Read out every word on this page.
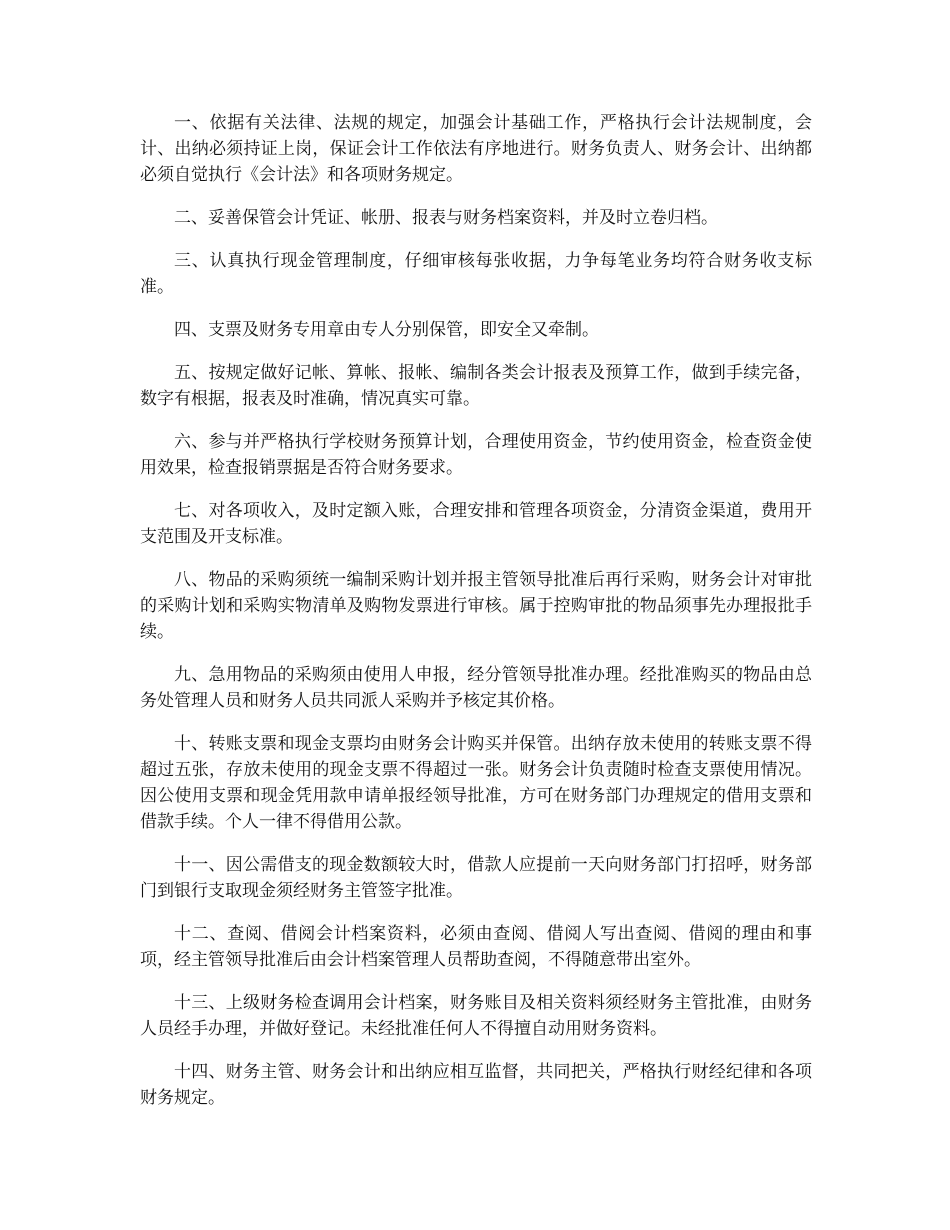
一、依据有关法律、法规的规定，加强会计基础工作，严格执行会计法规制度，会计、出纳必须持证上岗，保证会计工作依法有序地进行。财务负责人、财务会计、出纳都必须自觉执行《会计法》和各项财务规定。

二、妥善保管会计凭证、帐册、报表与财务档案资料，并及时立卷归档。

三、认真执行现金管理制度，仔细审核每张收据，力争每笔业务均符合财务收支标准。

四、支票及财务专用章由专人分别保管，即安全又牵制。

五、按规定做好记帐、算帐、报帐、编制各类会计报表及预算工作，做到手续完备，数字有根据，报表及时准确，情况真实可靠。

六、参与并严格执行学校财务预算计划，合理使用资金，节约使用资金，检查资金使用效果，检查报销票据是否符合财务要求。

七、对各项收入，及时定额入账，合理安排和管理各项资金，分清资金渠道，费用开支范围及开支标准。

八、物品的采购须统一编制采购计划并报主管领导批准后再行采购，财务会计对审批的采购计划和采购实物清单及购物发票进行审核。属于控购审批的物品须事先办理报批手续。

九、急用物品的采购须由使用人申报，经分管领导批准办理。经批准购买的物品由总务处管理人员和财务人员共同派人采购并予核定其价格。

十、转账支票和现金支票均由财务会计购买并保管。出纳存放未使用的转账支票不得超过五张，存放未使用的现金支票不得超过一张。财务会计负责随时检查支票使用情况。因公使用支票和现金凭用款申请单报经领导批准，方可在财务部门办理规定的借用支票和借款手续。个人一律不得借用公款。

十一、因公需借支的现金数额较大时，借款人应提前一天向财务部门打招呼，财务部门到银行支取现金须经财务主管签字批准。

十二、查阅、借阅会计档案资料，必须由查阅、借阅人写出查阅、借阅的理由和事项，经主管领导批准后由会计档案管理人员帮助查阅，不得随意带出室外。

十三、上级财务检查调用会计档案，财务账目及相关资料须经财务主管批准，由财务人员经手办理，并做好登记。未经批准任何人不得擅自动用财务资料。

十四、财务主管、财务会计和出纳应相互监督，共同把关，严格执行财经纪律和各项财务规定。
